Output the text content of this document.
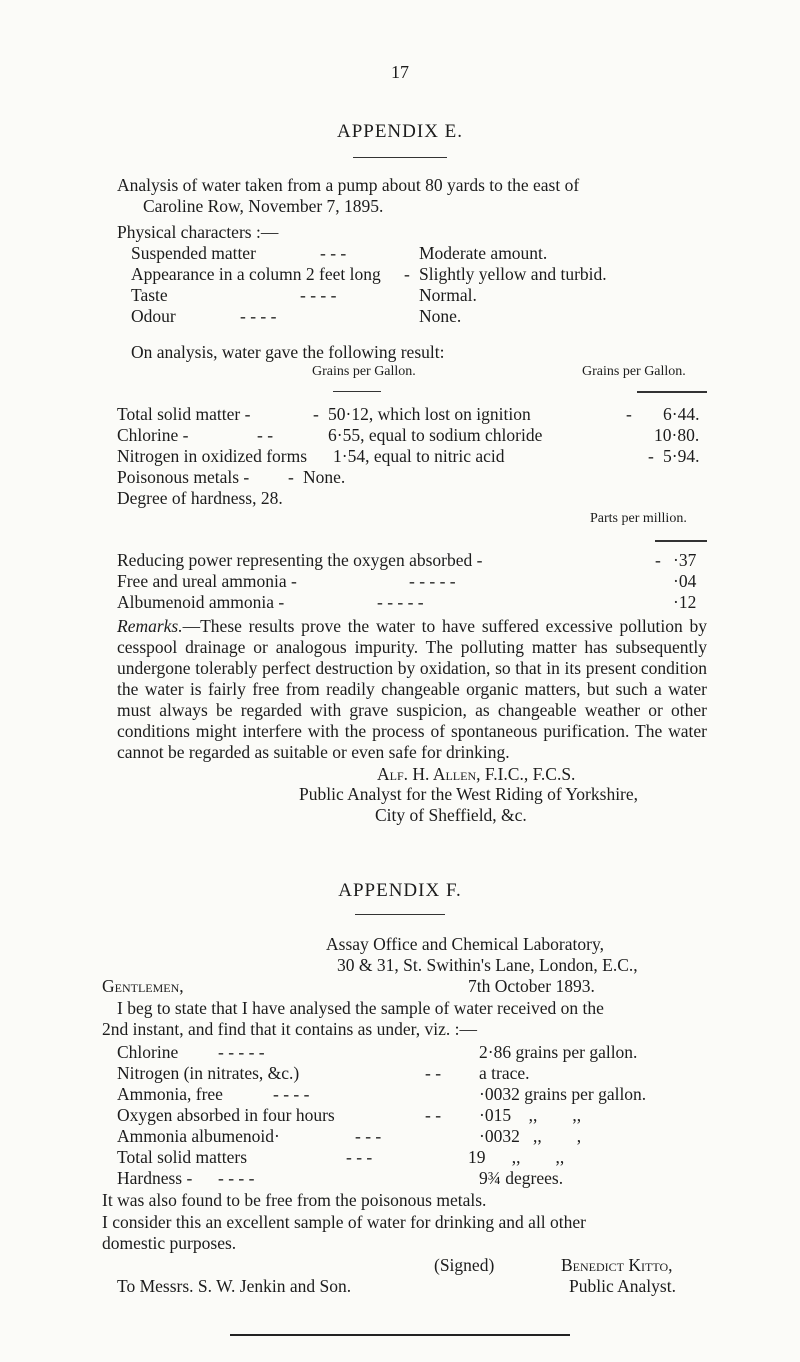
17
APPENDIX E.
Analysis of water taken from a pump about 80 yards to the east of
Caroline Row, November 7, 1895.
Physical characters :—
Suspended matter	- - -	Moderate amount.
Appearance in a column 2 feet long - Slightly yellow and turbid.
Taste	- - - -	Normal.
Odour	- - - -	None.
On analysis, water gave the following result:
Grains per Gallon.	Grains per Gallon.
Total solid matter -	- 50·12, which lost on ignition	- 6·44.
Chlorine -	- -	6·55, equal to sodium chloride	10·80.
Nitrogen in oxidized forms 1·54, equal to nitric acid	- 5·94.
Poisonous metals - - None.
Degree of hardness, 28.
Parts per million.
Reducing power representing the oxygen absorbed -	- ·37
Free and ureal ammonia -	- - - - -	·04
Albumenoid ammonia -	- - - - -	·12
Remarks.—These results prove the water to have suffered excessive pollution by cesspool drainage or analogous impurity. The polluting matter has subsequently undergone tolerably perfect destruction by oxidation, so that in its present condition the water is fairly free from readily changeable organic matters, but such a water must always be regarded with grave suspicion, as changeable weather or other conditions might interfere with the process of spontaneous purification. The water cannot be regarded as suitable or even safe for drinking.
Alf. H. Allen, F.I.C., F.C.S.
Public Analyst for the West Riding of Yorkshire,
City of Sheffield, &c.
APPENDIX F.
Assay Office and Chemical Laboratory,
30 & 31, St. Swithin's Lane, London, E.C.,
Gentlemen,	7th October 1893.
I beg to state that I have analysed the sample of water received on the
2nd instant, and find that it contains as under, viz. :—
Chlorine - - - - -	2·86 grains per gallon.
Nitrogen (in nitrates, &c.)	- - a trace.
Ammonia, free	- - - -	·0032 grains per gallon.
Oxygen absorbed in four hours	- - ·015    ,,        ,,
Ammonia albumenoid·	- - -	·0032   ,,        ,
Total solid matters	- - -	19      ,,        ,,
Hardness - - - - -	9¾ degrees.
It was also found to be free from the poisonous metals.
I consider this an excellent sample of water for drinking and all other
domestic purposes.
(Signed)	Benedict Kitto,
To Messrs. S. W. Jenkin and Son.	Public Analyst.
